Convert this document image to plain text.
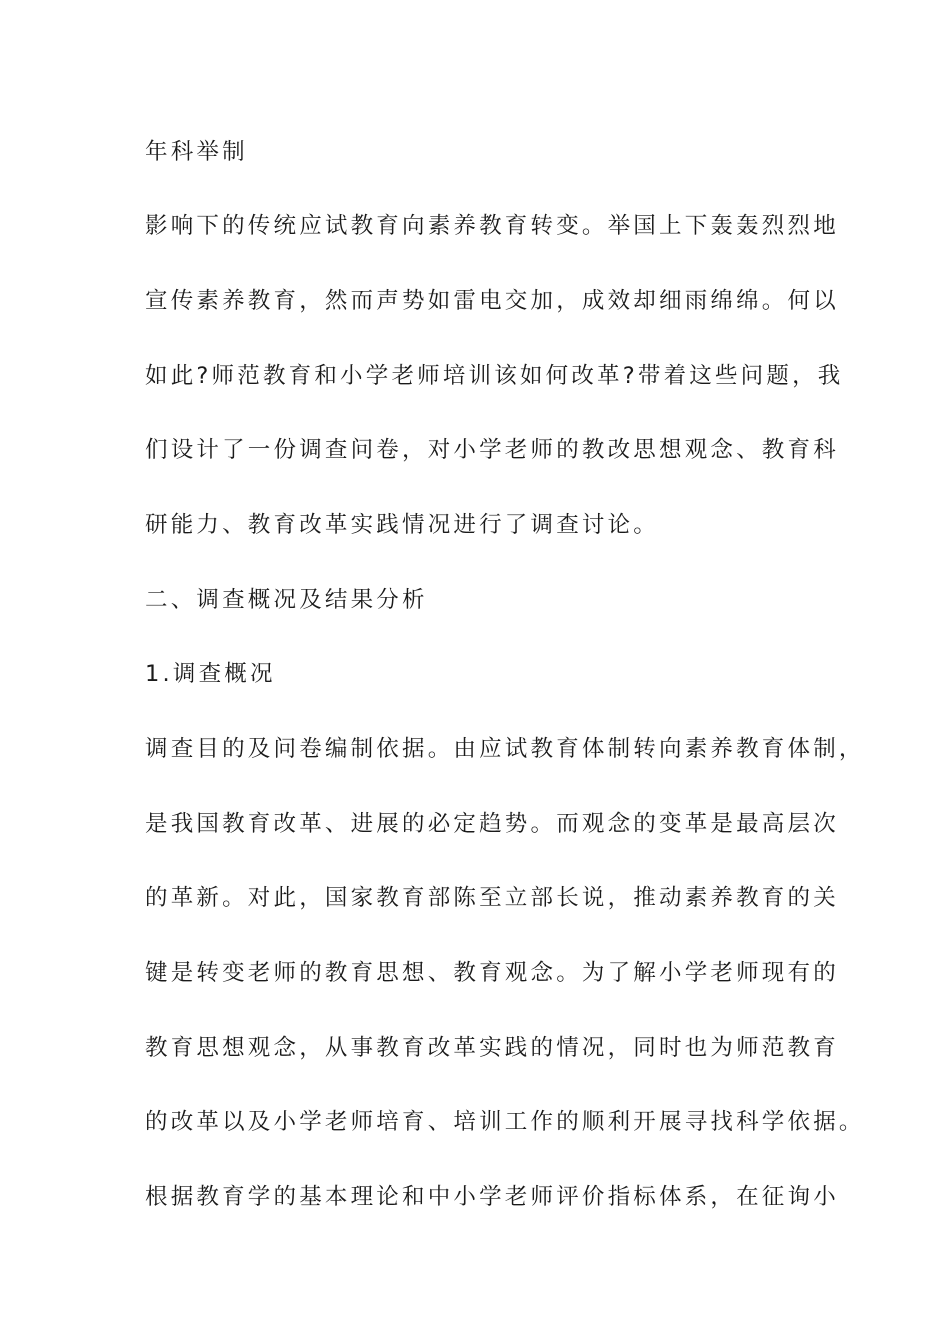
年科举制
影响下的传统应试教育向素养教育转变。举国上下轰轰烈烈地
宣传素养教育，然而声势如雷电交加，成效却细雨绵绵。何以
如此?师范教育和小学老师培训该如何改革?带着这些问题，我
们设计了一份调查问卷，对小学老师的教改思想观念、教育科
研能力、教育改革实践情况进行了调查讨论。
二、调查概况及结果分析
1.调查概况
调查目的及问卷编制依据。由应试教育体制转向素养教育体制，
是我国教育改革、进展的必定趋势。而观念的变革是最高层次
的革新。对此，国家教育部陈至立部长说，推动素养教育的关
键是转变老师的教育思想、教育观念。为了解小学老师现有的
教育思想观念，从事教育改革实践的情况，同时也为师范教育
的改革以及小学老师培育、培训工作的顺利开展寻找科学依据。
根据教育学的基本理论和中小学老师评价指标体系，在征询小
